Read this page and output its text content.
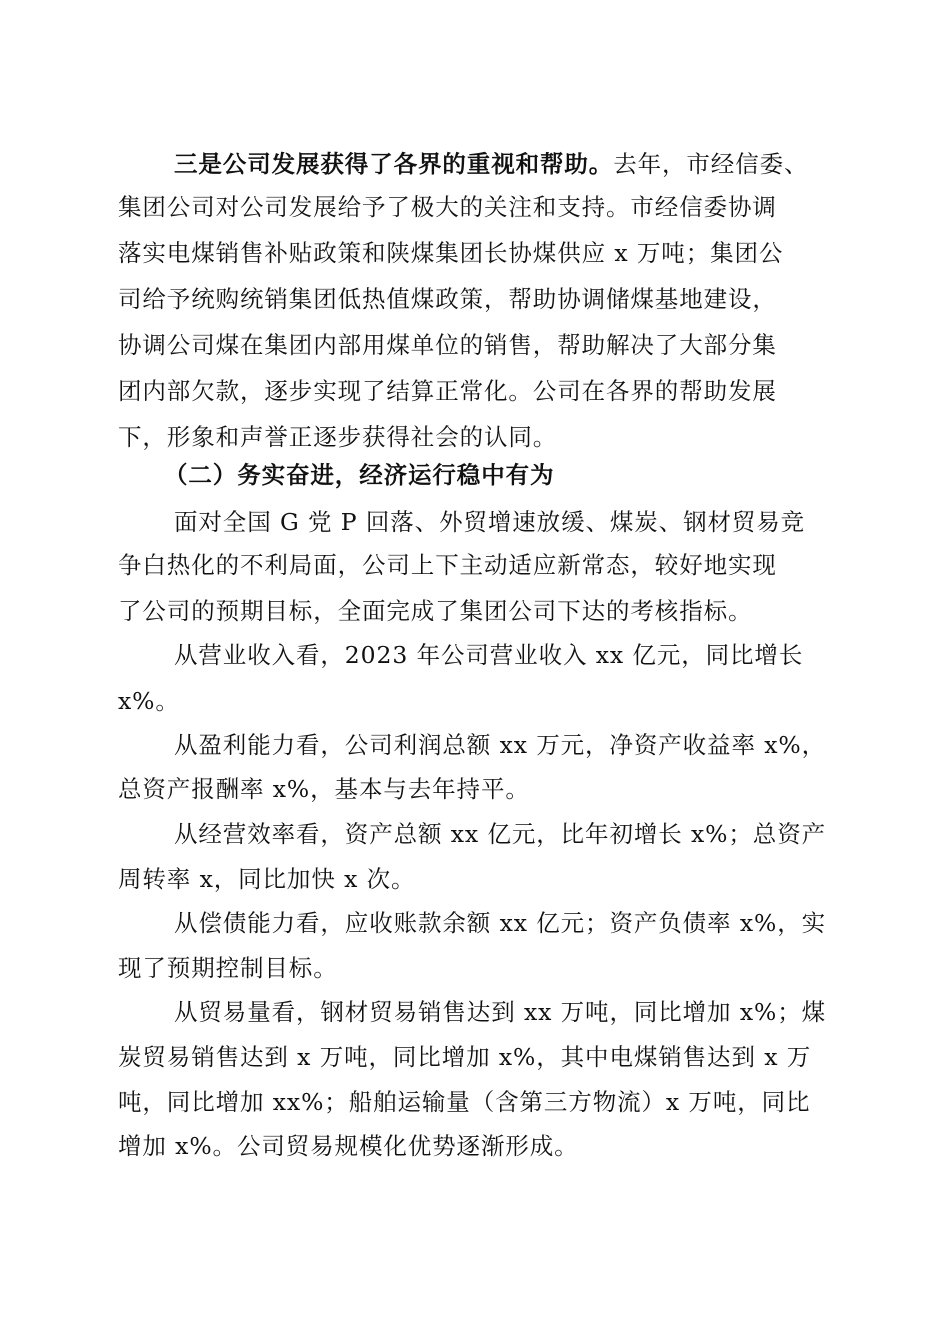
三是公司发展获得了各界的重视和帮助。去年，市经信委、
集团公司对公司发展给予了极大的关注和支持。市经信委协调
落实电煤销售补贴政策和陕煤集团长协煤供应 x 万吨；集团公
司给予统购统销集团低热值煤政策，帮助协调储煤基地建设，
协调公司煤在集团内部用煤单位的销售，帮助解决了大部分集
团内部欠款，逐步实现了结算正常化。公司在各界的帮助发展
下，形象和声誉正逐步获得社会的认同。
（二）务实奋进，经济运行稳中有为
面对全国 G 党 P 回落、外贸增速放缓、煤炭、钢材贸易竞
争白热化的不利局面，公司上下主动适应新常态，较好地实现
了公司的预期目标，全面完成了集团公司下达的考核指标。
从营业收入看，2023 年公司营业收入 xx 亿元，同比增长
x%。
从盈利能力看，公司利润总额 xx 万元，净资产收益率 x%，
总资产报酬率 x%，基本与去年持平。
从经营效率看，资产总额 xx 亿元，比年初增长 x%；总资产
周转率 x，同比加快 x 次。
从偿债能力看，应收账款余额 xx 亿元；资产负债率 x%，实
现了预期控制目标。
从贸易量看，钢材贸易销售达到 xx 万吨，同比增加 x%；煤
炭贸易销售达到 x 万吨，同比增加 x%，其中电煤销售达到 x 万
吨，同比增加 xx%；船舶运输量（含第三方物流）x 万吨，同比
增加 x%。公司贸易规模化优势逐渐形成。
